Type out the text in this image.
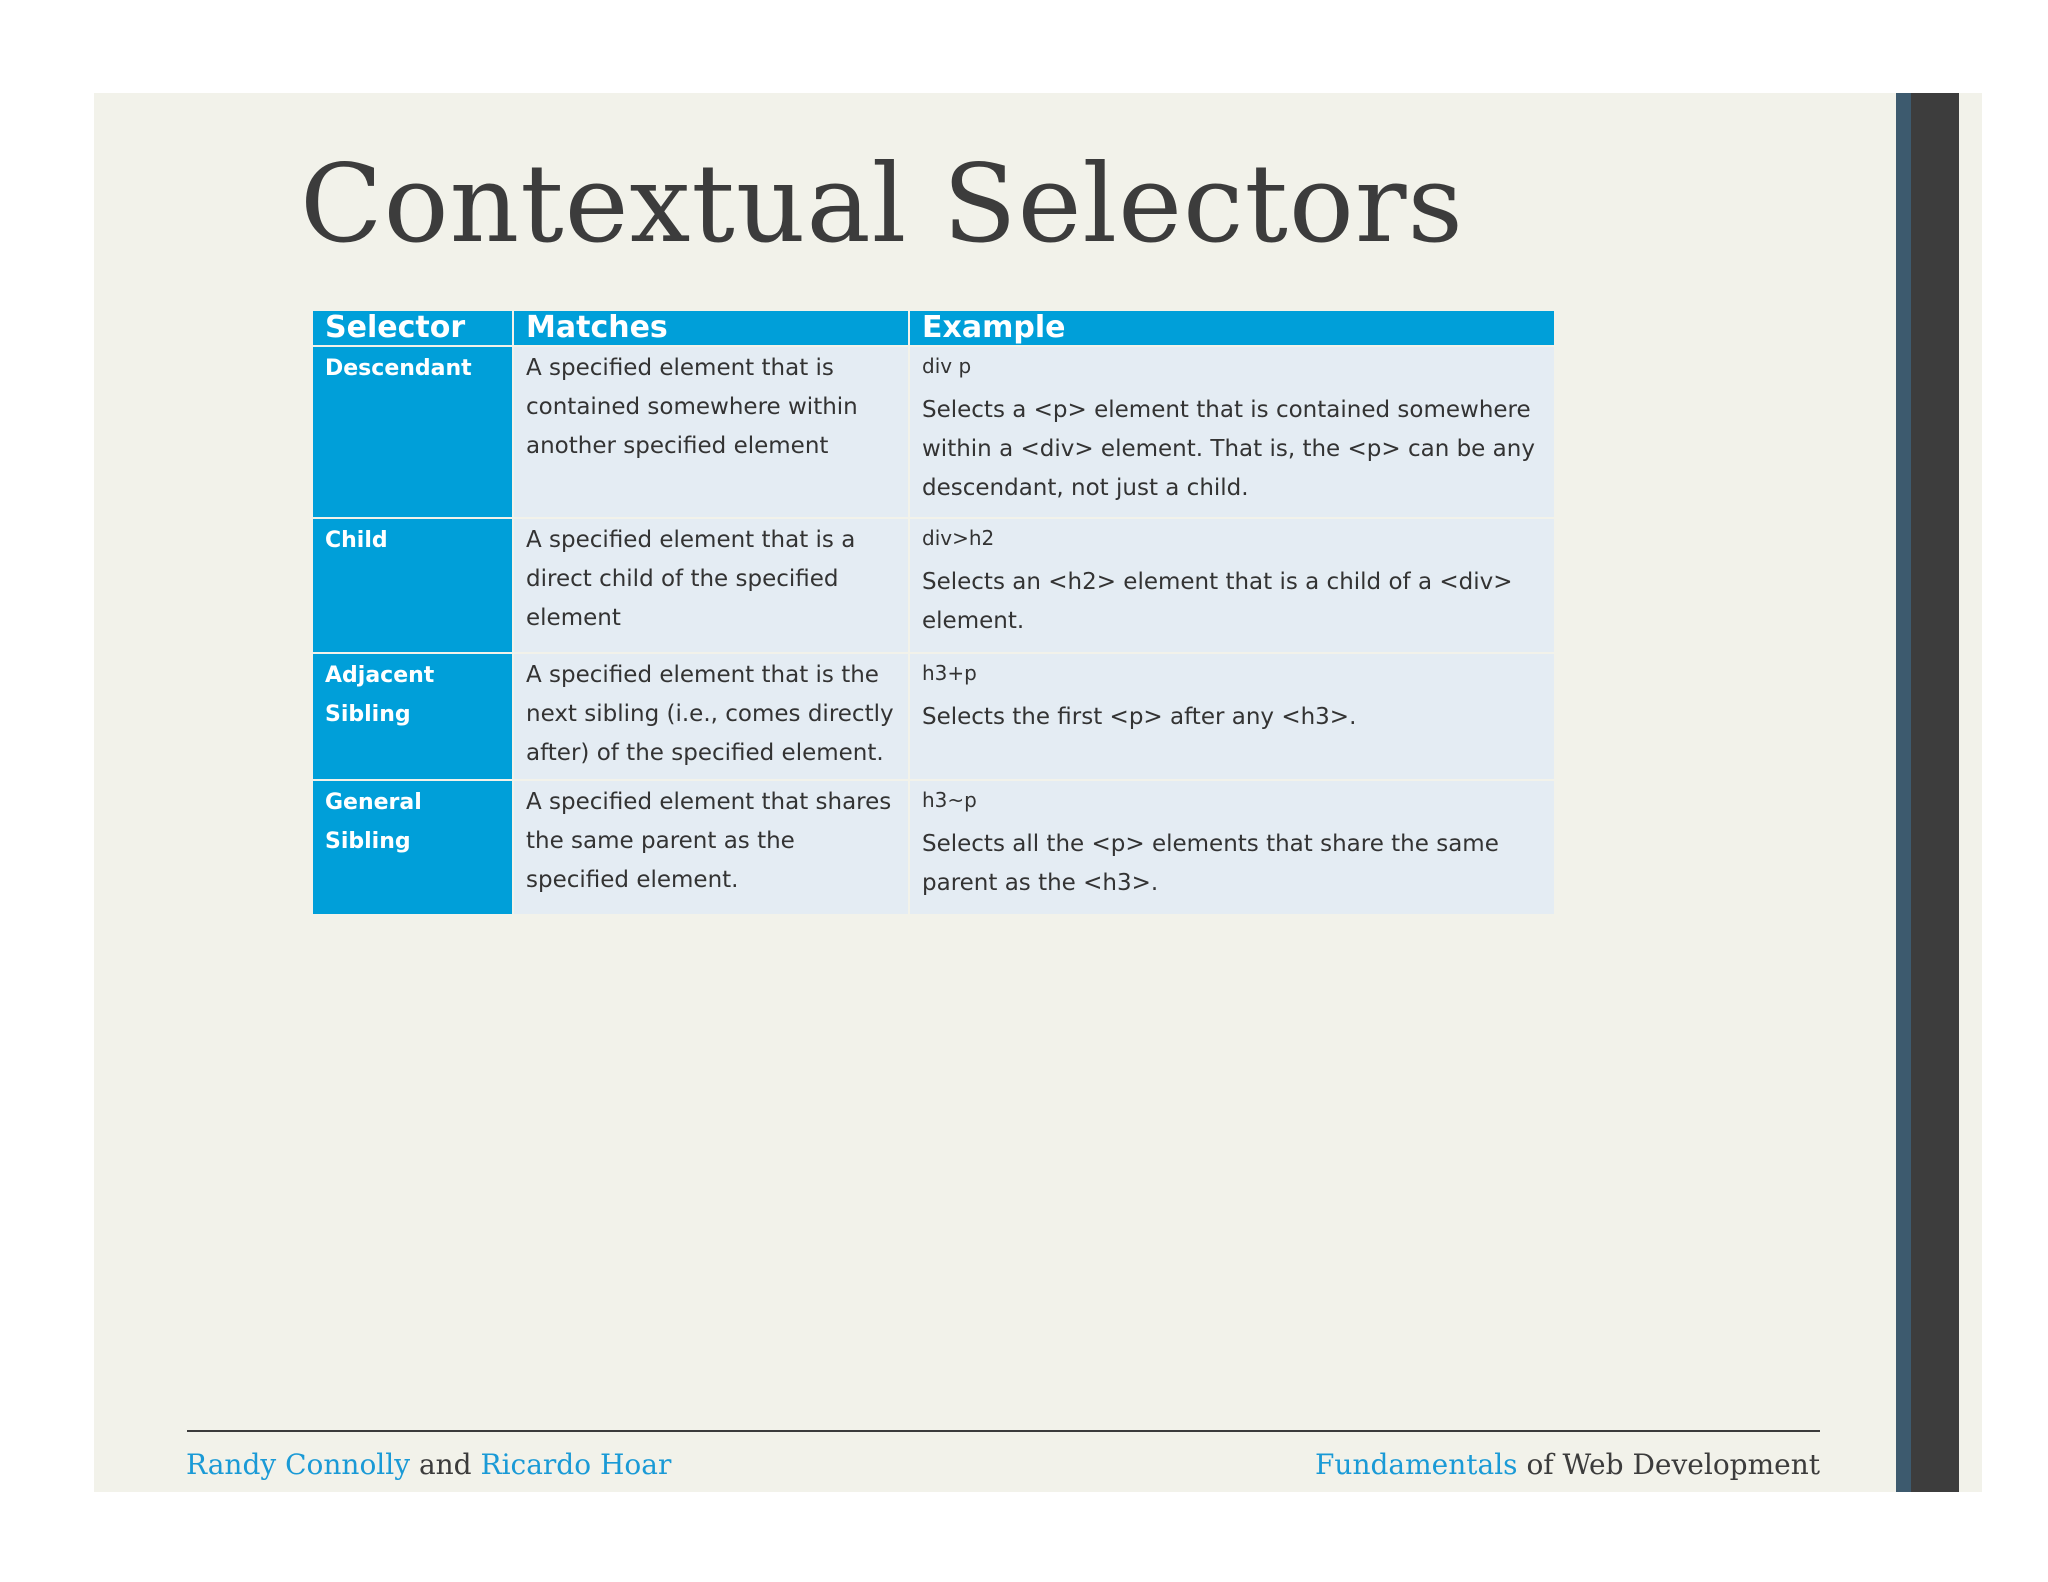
Contextual Selectors
Selector	Matches	Example
Descendant	A specified element that is contained somewhere within another specified element	div p

Selects a <p> element that is contained somewhere within a <div> element. That is, the <p> can be any descendant, not just a child.

Child	A specified element that is a direct child of the specified element	div>h2

Selects an <h2> element that is a child of a <div> element.

Adjacent Sibling	A specified element that is the next sibling (i.e., comes directly after) of the specified element.	h3+p

Selects the first <p> after any <h3>.

General Sibling	A specified element that shares the same parent as the specified element.	h3~p

Selects all the <p> elements that share the same parent as the <h3>.

Randy Connolly and Ricardo Hoar	Fundamentals of Web Development
